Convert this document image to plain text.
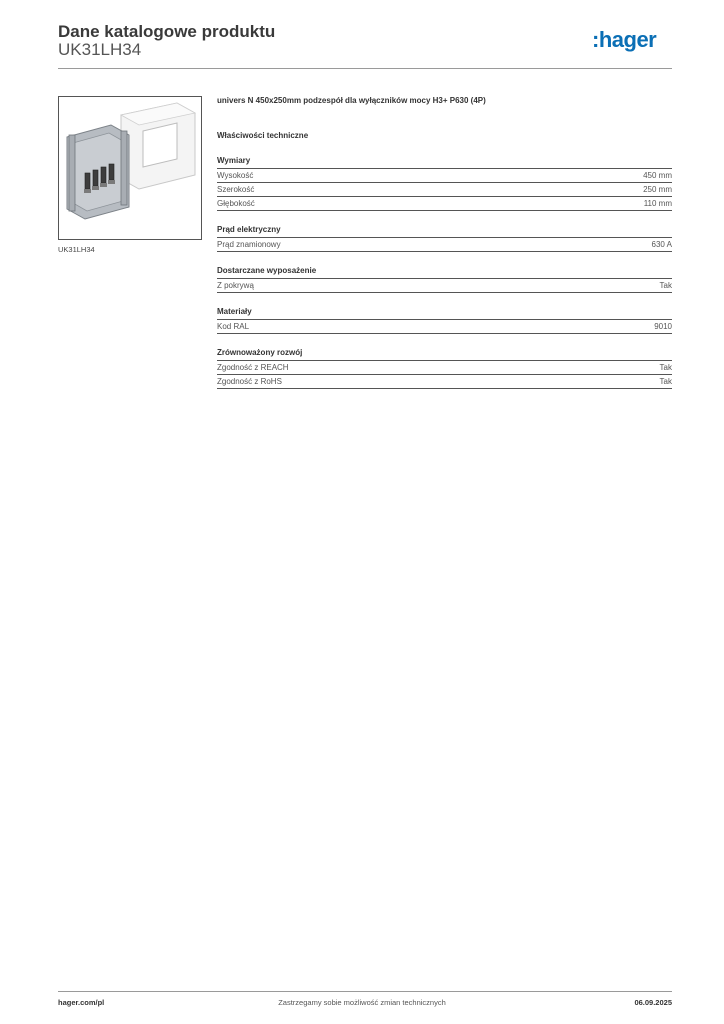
Dane katalogowe produktu
UK31LH34	:hager
UK31LH34
univers N 450x250mm podzespół dla wyłączników mocy H3+ P630 (4P)
Właściwości techniczne
Wymiary
Wysokość	450 mm
Szerokość	250 mm
Głębokość	110 mm
Prąd elektryczny
Prąd znamionowy	630 A
Dostarczane wyposażenie
Z pokrywą	Tak
Materiały
Kod RAL	9010
Zrównoważony rozwój
Zgodność z REACH	Tak
Zgodność z RoHS	Tak
hager.com/pl	Zastrzegamy sobie możliwość zmian technicznych	06.09.2025
